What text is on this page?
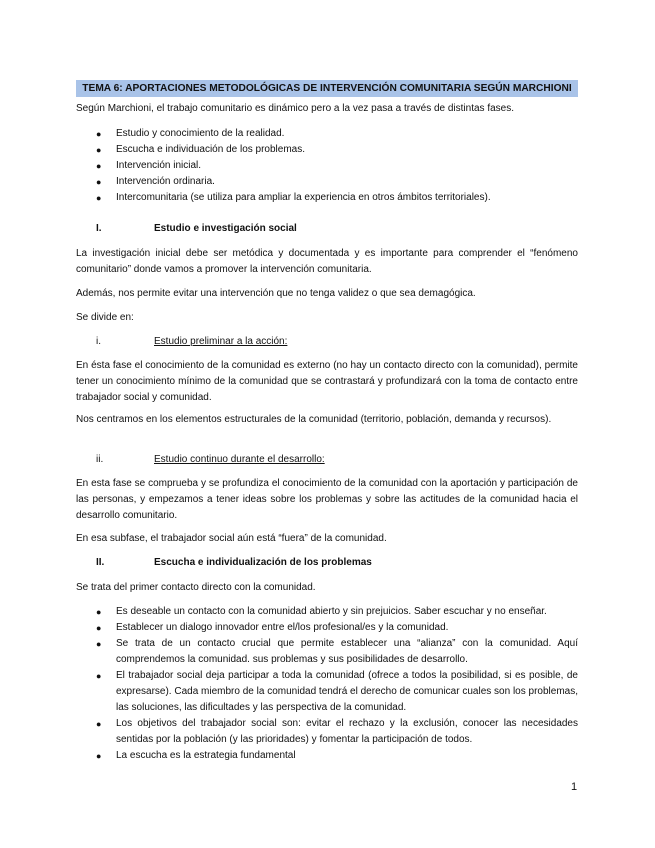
TEMA 6: APORTACIONES METODOLÓGICAS DE INTERVENCIÓN COMUNITARIA SEGÚN MARCHIONI
Según Marchioni, el trabajo comunitario es dinámico pero a la vez pasa a través de distintas fases.
● Estudio y conocimiento de la realidad.
● Escucha e individuación de los problemas.
● Intervención inicial.
● Intervención ordinaria.
● Intercomunitaria (se utiliza para ampliar la experiencia en otros ámbitos territoriales).
I.	Estudio e investigación social
La investigación inicial debe ser metódica y documentada y es importante para comprender el “fenómeno comunitario” donde vamos a promover la intervención comunitaria.
Además, nos permite evitar una intervención que no tenga validez o que sea demagógica.
Se divide en:
i.	Estudio preliminar a la acción:
En ésta fase el conocimiento de la comunidad es externo (no hay un contacto directo con la comunidad), permite tener un conocimiento mínimo de la comunidad que se contrastará y profundizará con la toma de contacto entre trabajador social y comunidad.
Nos centramos en los elementos estructurales de la comunidad (territorio, población, demanda y recursos).
ii.	Estudio continuo durante el desarrollo:
En esta fase se comprueba y se profundiza el conocimiento de la comunidad con la aportación y participación de las personas, y empezamos a tener ideas sobre los problemas y sobre las actitudes de la comunidad hacia el desarrollo comunitario.
En esa subfase, el trabajador social aún está “fuera” de la comunidad.
II.	Escucha e individualización de los problemas
Se trata del primer contacto directo con la comunidad.
● Es deseable un contacto con la comunidad abierto y sin prejuicios. Saber escuchar y no enseñar.
● Establecer un dialogo innovador entre el/los profesional/es y la comunidad.
● Se trata de un contacto crucial que permite establecer una “alianza” con la comunidad. Aquí comprendemos la comunidad. sus problemas y sus posibilidades de desarrollo.
● El trabajador social deja participar a toda la comunidad (ofrece a todos la posibilidad, si es posible, de expresarse). Cada miembro de la comunidad tendrá el derecho de comunicar cuales son los problemas, las soluciones, las dificultades y las perspectiva de la comunidad.
● Los objetivos del trabajador social son: evitar el rechazo y la exclusión, conocer las necesidades sentidas por la población (y las prioridades) y fomentar la participación de todos.
● La escucha es la estrategia fundamental
1
